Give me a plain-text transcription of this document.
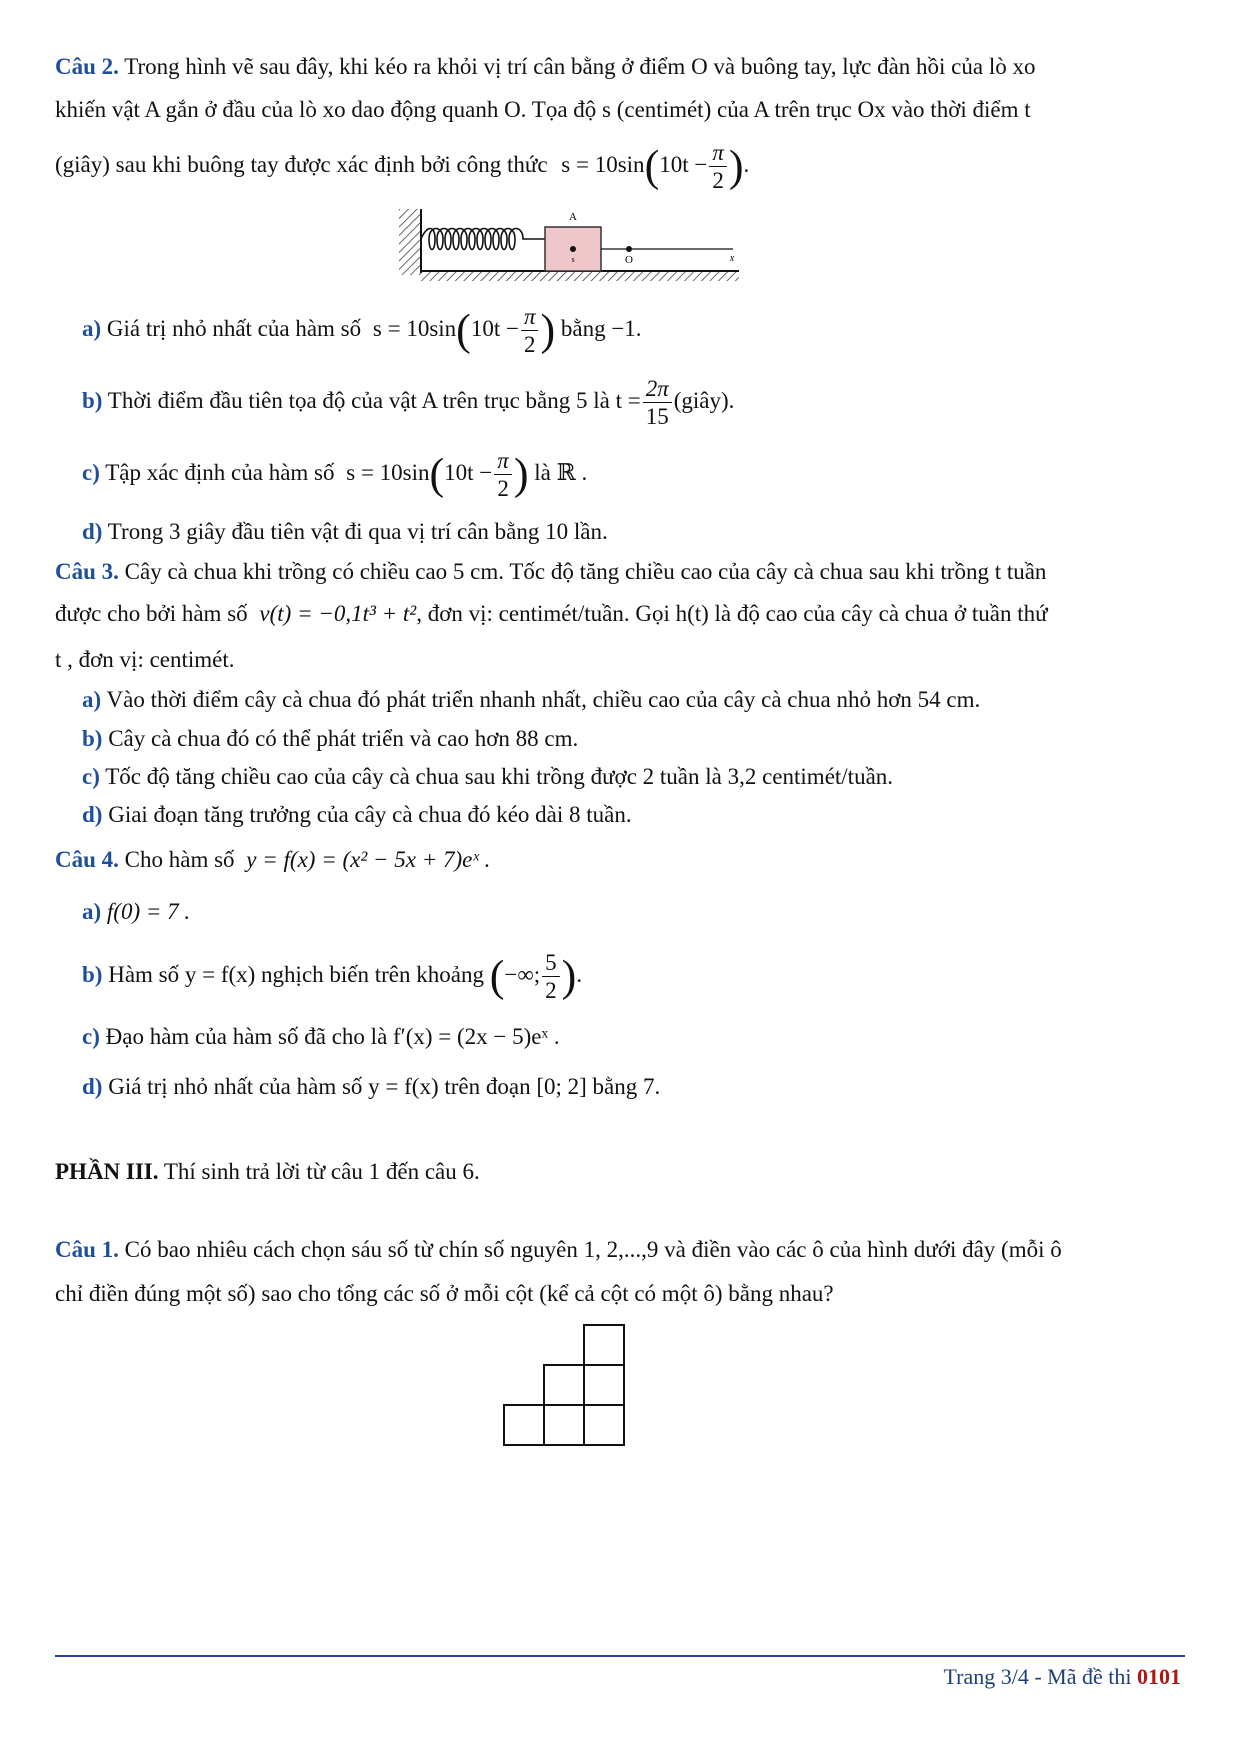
Câu 2. Trong hình vẽ sau đây, khi kéo ra khỏi vị trí cân bằng ở điểm O và buông tay, lực đàn hồi của lò xo
khiến vật A gắn ở đầu của lò xo dao động quanh O. Tọa độ s (centimét) của A trên trục Ox vào thời điểm t
(giây) sau khi buông tay được xác định bởi công thức $s = 10\sin(10t - \frac{\pi}{2}$ ).
A
s	O	x
a) Giá trị nhỏ nhất của hàm số $s = 10\sin(10t - \frac{\pi}{2}$ ) bằng −1.
b) Thời điểm đầu tiên tọa độ của vật A trên trục bằng 5 là $t = \frac{2\pi}{15}$ (giây).
c) Tập xác định của hàm số $s = 10\sin(10t - \frac{\pi}{2}$ ) là ℝ .
d) Trong 3 giây đầu tiên vật đi qua vị trí cân bằng 10 lần.
Câu 3. Cây cà chua khi trồng có chiều cao 5 cm. Tốc độ tăng chiều cao của cây cà chua sau khi trồng t tuần
được cho bởi hàm số v(t) = −0,1t³ + t², đơn vị: centimét/tuần. Gọi h(t) là độ cao của cây cà chua ở tuần thứ
t , đơn vị: centimét.
a) Vào thời điểm cây cà chua đó phát triển nhanh nhất, chiều cao của cây cà chua nhỏ hơn 54 cm.
b) Cây cà chua đó có thể phát triển và cao hơn 88 cm.
c) Tốc độ tăng chiều cao của cây cà chua sau khi trồng được 2 tuần là 3,2 centimét/tuần.
d) Giai đoạn tăng trưởng của cây cà chua đó kéo dài 8 tuần.
Câu 4. Cho hàm số y = f(x) = (x² − 5x + 7)eˣ .
a) f(0) = 7 .
b) Hàm số y = f(x) nghịch biến trên khoảng (−∞; $\frac{5}{2}$ ).
c) Đạo hàm của hàm số đã cho là f′(x) = (2x − 5)eˣ .
d) Giá trị nhỏ nhất của hàm số y = f(x) trên đoạn [0; 2] bằng 7.
PHẦN III. Thí sinh trả lời từ câu 1 đến câu 6.
Câu 1. Có bao nhiêu cách chọn sáu số từ chín số nguyên 1, 2,...,9 và điền vào các ô của hình dưới đây (mỗi ô
chỉ điền đúng một số) sao cho tổng các số ở mỗi cột (kể cả cột có một ô) bằng nhau?
Trang 3/4 - Mã đề thi 0101
